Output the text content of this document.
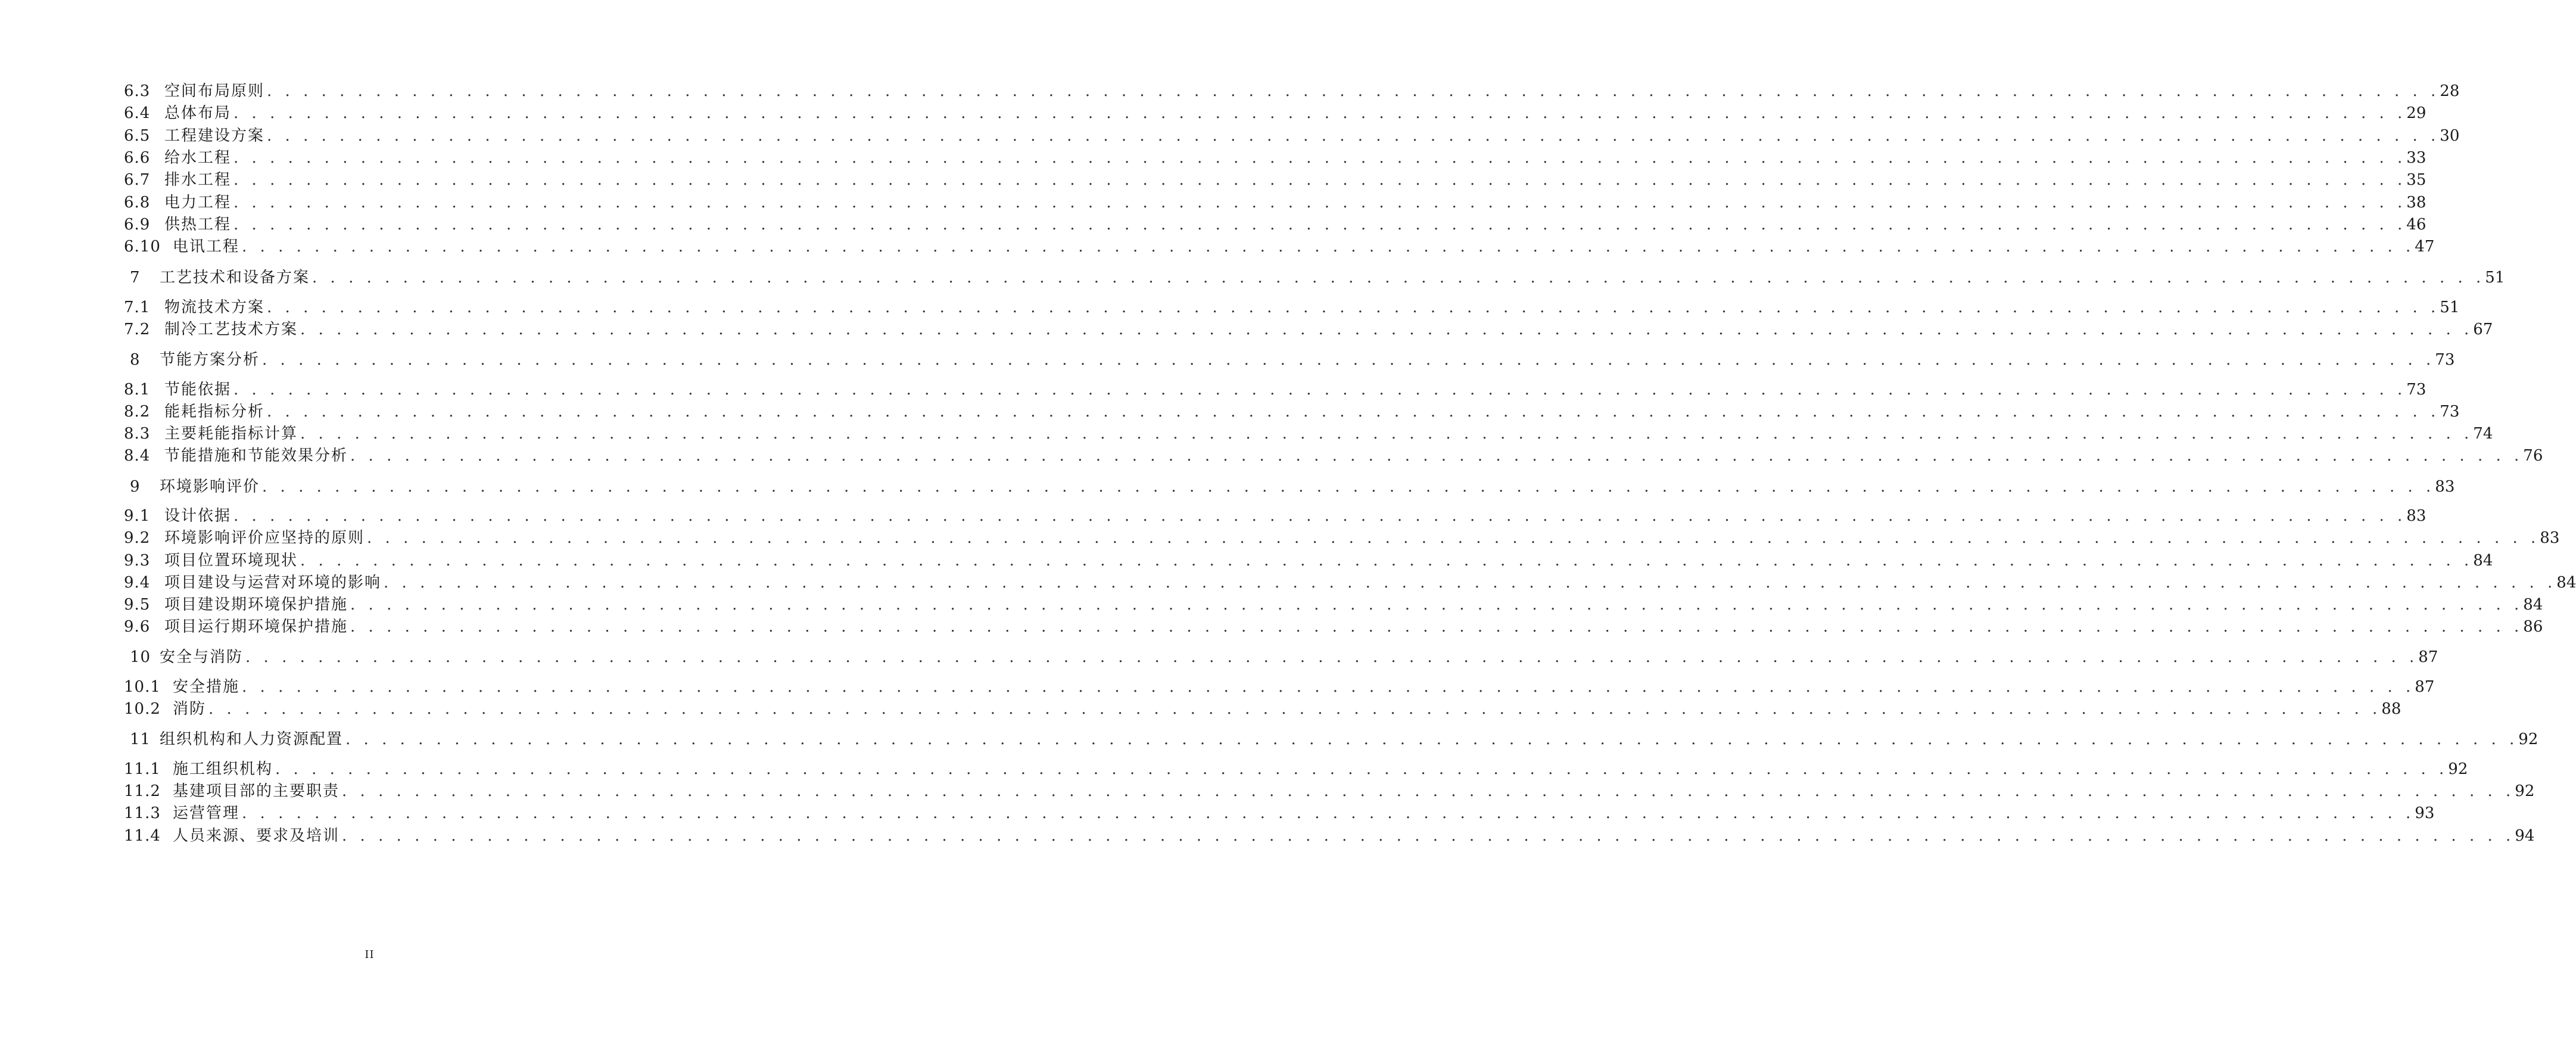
6.3 空间布局原则 . . . . . . . . . . . . . . . . . . . . . . . . . . . . . . . . . . . . . . . . . . . . . . . . . . . . . . . . . . . . . . . . . . . . . . . . . . . . . . . . . . . . . . . . . . . . . . . . . . . . . . . . . . . . . . . . . . . . . . . . 28
6.4 总体布局 . . . . . . . . . . . . . . . . . . . . . . . . . . . . . . . . . . . . . . . . . . . . . . . . . . . . . . . . . . . . . . . . . . . . . . . . . . . . . . . . . . . . . . . . . . . . . . . . . . . . . . . . . . . . . . . . . . . . . . . . 29
6.5 工程建设方案 . . . . . . . . . . . . . . . . . . . . . . . . . . . . . . . . . . . . . . . . . . . . . . . . . . . . . . . . . . . . . . . . . . . . . . . . . . . . . . . . . . . . . . . . . . . . . . . . . . . . . . . . . . . . . . . . . . . . . . . . 30
6.6 给水工程 . . . . . . . . . . . . . . . . . . . . . . . . . . . . . . . . . . . . . . . . . . . . . . . . . . . . . . . . . . . . . . . . . . . . . . . . . . . . . . . . . . . . . . . . . . . . . . . . . . . . . . . . . . . . . . . . . . . . . . . . 33
6.7 排水工程 . . . . . . . . . . . . . . . . . . . . . . . . . . . . . . . . . . . . . . . . . . . . . . . . . . . . . . . . . . . . . . . . . . . . . . . . . . . . . . . . . . . . . . . . . . . . . . . . . . . . . . . . . . . . . . . . . . . . . . . . 35
6.8 电力工程 . . . . . . . . . . . . . . . . . . . . . . . . . . . . . . . . . . . . . . . . . . . . . . . . . . . . . . . . . . . . . . . . . . . . . . . . . . . . . . . . . . . . . . . . . . . . . . . . . . . . . . . . . . . . . . . . . . . . . . . . 38
6.9 供热工程 . . . . . . . . . . . . . . . . . . . . . . . . . . . . . . . . . . . . . . . . . . . . . . . . . . . . . . . . . . . . . . . . . . . . . . . . . . . . . . . . . . . . . . . . . . . . . . . . . . . . . . . . . . . . . . . . . . . . . . . . 46
6.10 电讯工程 . . . . . . . . . . . . . . . . . . . . . . . . . . . . . . . . . . . . . . . . . . . . . . . . . . . . . . . . . . . . . . . . . . . . . . . . . . . . . . . . . . . . . . . . . . . . . . . . . . . . . . . . . . . . . . . . . . . . . . . . 47
7	工艺技术和设备方案 . . . . . . . . . . . . . . . . . . . . . . . . . . . . . . . . . . . . . . . . . . . . . . . . . . . . . . . . . . . . . . . . . . . . . . . . . . . . . . . . . . . . . . . . . . . . . . . . . . . . . . . . . . . . . . . . . . . . . . . . 51
7.1 物流技术方案 . . . . . . . . . . . . . . . . . . . . . . . . . . . . . . . . . . . . . . . . . . . . . . . . . . . . . . . . . . . . . . . . . . . . . . . . . . . . . . . . . . . . . . . . . . . . . . . . . . . . . . . . . . . . . . . . . . . . . . . . 51
7.2 制冷工艺技术方案 . . . . . . . . . . . . . . . . . . . . . . . . . . . . . . . . . . . . . . . . . . . . . . . . . . . . . . . . . . . . . . . . . . . . . . . . . . . . . . . . . . . . . . . . . . . . . . . . . . . . . . . . . . . . . . . . . . . . . . . . 67
8	节能方案分析 . . . . . . . . . . . . . . . . . . . . . . . . . . . . . . . . . . . . . . . . . . . . . . . . . . . . . . . . . . . . . . . . . . . . . . . . . . . . . . . . . . . . . . . . . . . . . . . . . . . . . . . . . . . . . . . . . . . . . . . . 73
8.1 节能依据 . . . . . . . . . . . . . . . . . . . . . . . . . . . . . . . . . . . . . . . . . . . . . . . . . . . . . . . . . . . . . . . . . . . . . . . . . . . . . . . . . . . . . . . . . . . . . . . . . . . . . . . . . . . . . . . . . . . . . . . . 73
8.2 能耗指标分析 . . . . . . . . . . . . . . . . . . . . . . . . . . . . . . . . . . . . . . . . . . . . . . . . . . . . . . . . . . . . . . . . . . . . . . . . . . . . . . . . . . . . . . . . . . . . . . . . . . . . . . . . . . . . . . . . . . . . . . . . 73
8.3 主要耗能指标计算 . . . . . . . . . . . . . . . . . . . . . . . . . . . . . . . . . . . . . . . . . . . . . . . . . . . . . . . . . . . . . . . . . . . . . . . . . . . . . . . . . . . . . . . . . . . . . . . . . . . . . . . . . . . . . . . . . . . . . . . . 74
8.4 节能措施和节能效果分析 . . . . . . . . . . . . . . . . . . . . . . . . . . . . . . . . . . . . . . . . . . . . . . . . . . . . . . . . . . . . . . . . . . . . . . . . . . . . . . . . . . . . . . . . . . . . . . . . . . . . . . . . . . . . . . . . . . . . . . . . 76
9	环境影响评价 . . . . . . . . . . . . . . . . . . . . . . . . . . . . . . . . . . . . . . . . . . . . . . . . . . . . . . . . . . . . . . . . . . . . . . . . . . . . . . . . . . . . . . . . . . . . . . . . . . . . . . . . . . . . . . . . . . . . . . . . 83
9.1 设计依据 . . . . . . . . . . . . . . . . . . . . . . . . . . . . . . . . . . . . . . . . . . . . . . . . . . . . . . . . . . . . . . . . . . . . . . . . . . . . . . . . . . . . . . . . . . . . . . . . . . . . . . . . . . . . . . . . . . . . . . . . 83
9.2 环境影响评价应坚持的原则 . . . . . . . . . . . . . . . . . . . . . . . . . . . . . . . . . . . . . . . . . . . . . . . . . . . . . . . . . . . . . . . . . . . . . . . . . . . . . . . . . . . . . . . . . . . . . . . . . . . . . . . . . . . . . . . . . . . . . . . . 83
9.3 项目位置环境现状 . . . . . . . . . . . . . . . . . . . . . . . . . . . . . . . . . . . . . . . . . . . . . . . . . . . . . . . . . . . . . . . . . . . . . . . . . . . . . . . . . . . . . . . . . . . . . . . . . . . . . . . . . . . . . . . . . . . . . . . . 84
9.4 项目建设与运营对环境的影响 . . . . . . . . . . . . . . . . . . . . . . . . . . . . . . . . . . . . . . . . . . . . . . . . . . . . . . . . . . . . . . . . . . . . . . . . . . . . . . . . . . . . . . . . . . . . . . . . . . . . . . . . . . . . . . . . . . . . . . . . 84
9.5 项目建设期环境保护措施 . . . . . . . . . . . . . . . . . . . . . . . . . . . . . . . . . . . . . . . . . . . . . . . . . . . . . . . . . . . . . . . . . . . . . . . . . . . . . . . . . . . . . . . . . . . . . . . . . . . . . . . . . . . . . . . . . . . . . . . . 84
9.6 项目运行期环境保护措施 . . . . . . . . . . . . . . . . . . . . . . . . . . . . . . . . . . . . . . . . . . . . . . . . . . . . . . . . . . . . . . . . . . . . . . . . . . . . . . . . . . . . . . . . . . . . . . . . . . . . . . . . . . . . . . . . . . . . . . . . 86
10 安全与消防 . . . . . . . . . . . . . . . . . . . . . . . . . . . . . . . . . . . . . . . . . . . . . . . . . . . . . . . . . . . . . . . . . . . . . . . . . . . . . . . . . . . . . . . . . . . . . . . . . . . . . . . . . . . . . . . . . . . . . . . . 87
10.1 安全措施 . . . . . . . . . . . . . . . . . . . . . . . . . . . . . . . . . . . . . . . . . . . . . . . . . . . . . . . . . . . . . . . . . . . . . . . . . . . . . . . . . . . . . . . . . . . . . . . . . . . . . . . . . . . . . . . . . . . . . . . . 87
10.2 消防 . . . . . . . . . . . . . . . . . . . . . . . . . . . . . . . . . . . . . . . . . . . . . . . . . . . . . . . . . . . . . . . . . . . . . . . . . . . . . . . . . . . . . . . . . . . . . . . . . . . . . . . . . . . . . . . . . . . . . . . . 88
11 组织机构和人力资源配置 . . . . . . . . . . . . . . . . . . . . . . . . . . . . . . . . . . . . . . . . . . . . . . . . . . . . . . . . . . . . . . . . . . . . . . . . . . . . . . . . . . . . . . . . . . . . . . . . . . . . . . . . . . . . . . . . . . . . . . . . 92
11.1 施工组织机构 . . . . . . . . . . . . . . . . . . . . . . . . . . . . . . . . . . . . . . . . . . . . . . . . . . . . . . . . . . . . . . . . . . . . . . . . . . . . . . . . . . . . . . . . . . . . . . . . . . . . . . . . . . . . . . . . . . . . . . . . 92
11.2 基建项目部的主要职责 . . . . . . . . . . . . . . . . . . . . . . . . . . . . . . . . . . . . . . . . . . . . . . . . . . . . . . . . . . . . . . . . . . . . . . . . . . . . . . . . . . . . . . . . . . . . . . . . . . . . . . . . . . . . . . . . . . . . . . . . 92
11.3 运营管理 . . . . . . . . . . . . . . . . . . . . . . . . . . . . . . . . . . . . . . . . . . . . . . . . . . . . . . . . . . . . . . . . . . . . . . . . . . . . . . . . . . . . . . . . . . . . . . . . . . . . . . . . . . . . . . . . . . . . . . . . 93
11.4 人员来源、要求及培训 . . . . . . . . . . . . . . . . . . . . . . . . . . . . . . . . . . . . . . . . . . . . . . . . . . . . . . . . . . . . . . . . . . . . . . . . . . . . . . . . . . . . . . . . . . . . . . . . . . . . . . . . . . . . . . . . . . . . . . . . 94
II
